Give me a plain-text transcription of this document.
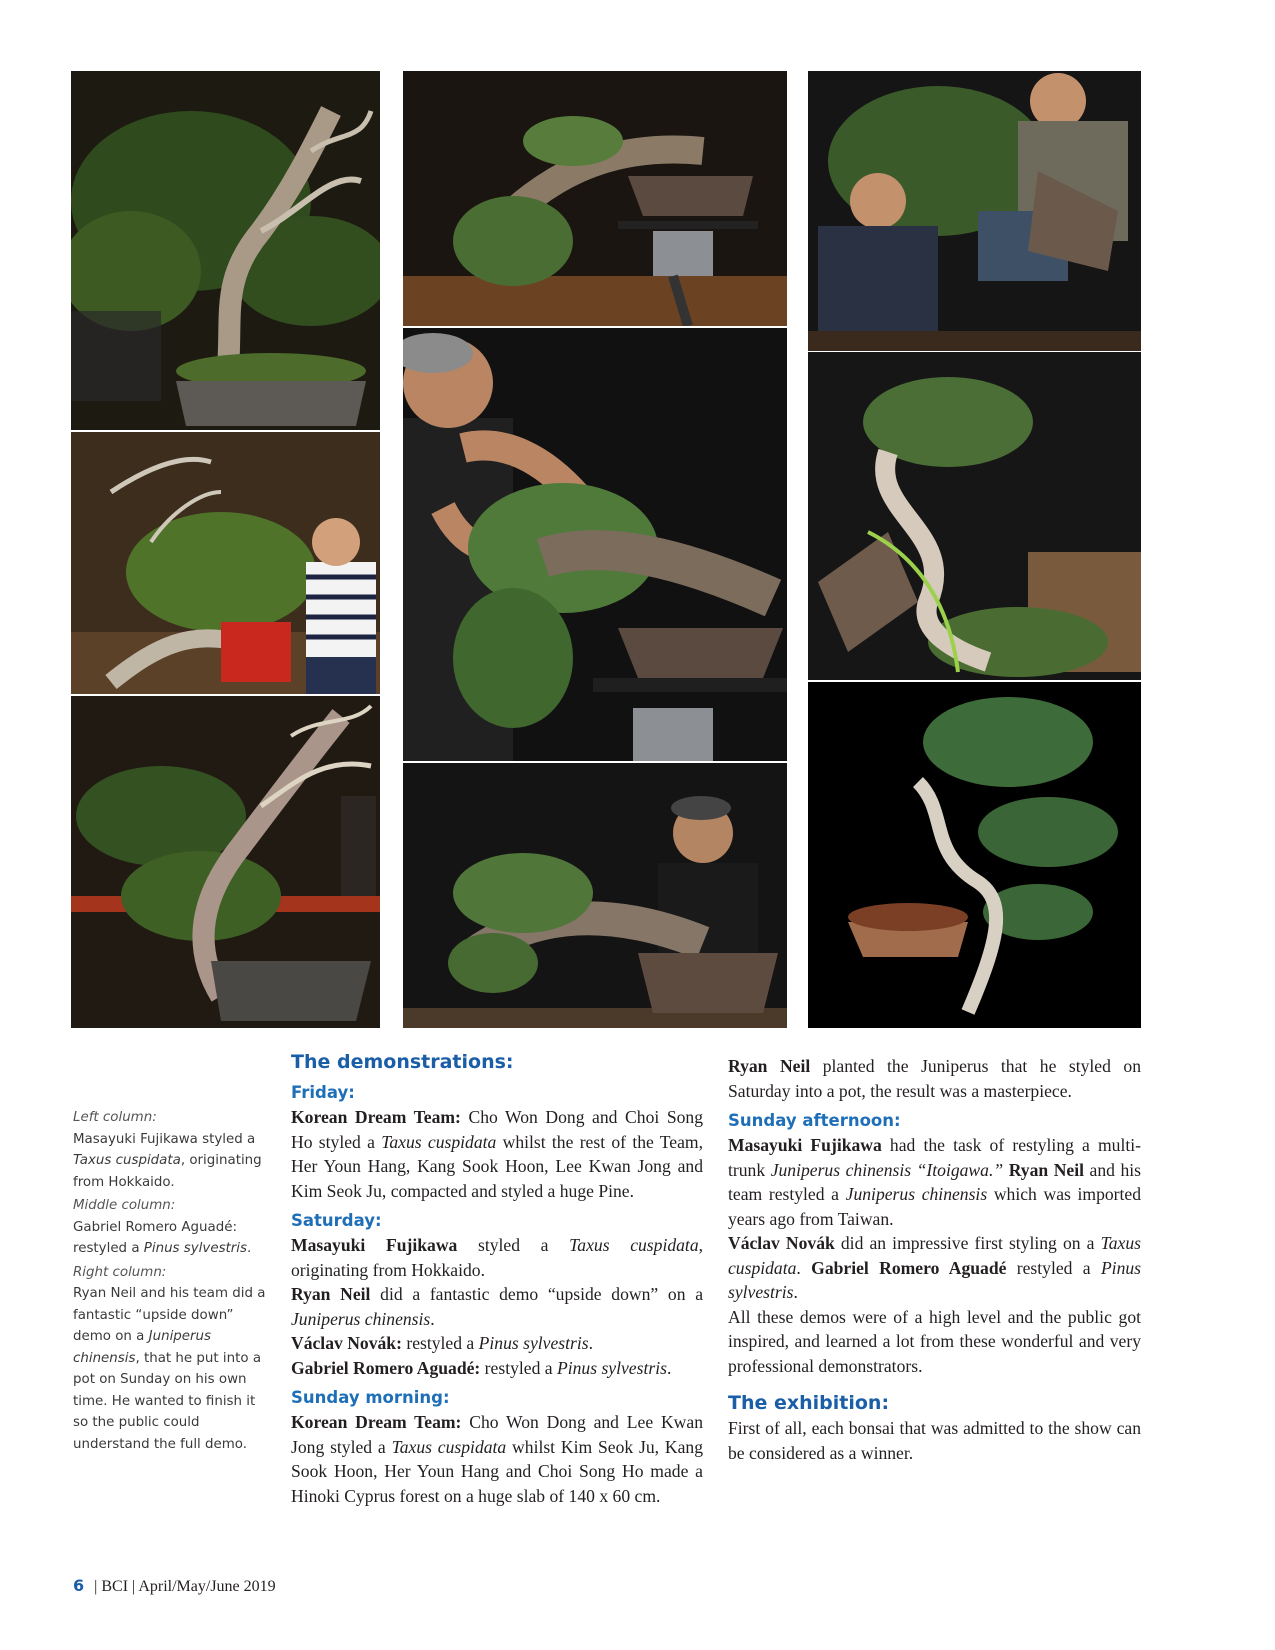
Left column:

Masayuki Fujikawa styled a Taxus cuspidata, originating from Hokkaido.

Middle column:

Gabriel Romero Aguadé: restyled a Pinus sylvestris.

Right column:

Ryan Neil and his team did a fantastic “upside down” demo on a Juniperus chinensis, that he put into a pot on Sunday on his own time. He wanted to finish it so the public could understand the full demo.

The demonstrations:
Friday:

Korean Dream Team: Cho Won Dong and Choi Song Ho styled a Taxus cuspidata whilst the rest of the Team, Her Youn Hang, Kang Sook Hoon, Lee Kwan Jong and Kim Seok Ju, compacted and styled a huge Pine.

Saturday:

Masayuki Fujikawa styled a Taxus cuspidata, originating from Hokkaido.

Ryan Neil did a fantastic demo “upside down” on a Juniperus chinensis.

Václav Novák: restyled a Pinus sylvestris.

Gabriel Romero Aguadé: restyled a Pinus sylvestris.

Sunday morning:

Korean Dream Team: Cho Won Dong and Lee Kwan Jong styled a Taxus cuspidata whilst Kim Seok Ju, Kang Sook Hoon, Her Youn Hang and Choi Song Ho made a Hinoki Cyprus forest on a huge slab of 140 x 60 cm.

Ryan Neil planted the Juniperus that he styled on Saturday into a pot, the result was a masterpiece.

Sunday afternoon:

Masayuki Fujikawa had the task of restyling a multi-trunk Juniperus chinensis “Itoigawa.” Ryan Neil and his team restyled a Juniperus chinensis which was imported years ago from Taiwan.

Václav Novák did an impressive first styling on a Taxus cuspidata. Gabriel Romero Aguadé restyled a Pinus sylvestris.

All these demos were of a high level and the public got inspired, and learned a lot from these wonderful and very professional demonstrators.

The exhibition:

First of all, each bonsai that was admitted to the show can be considered as a winner.

6 | BCI | April/May/June 2019
